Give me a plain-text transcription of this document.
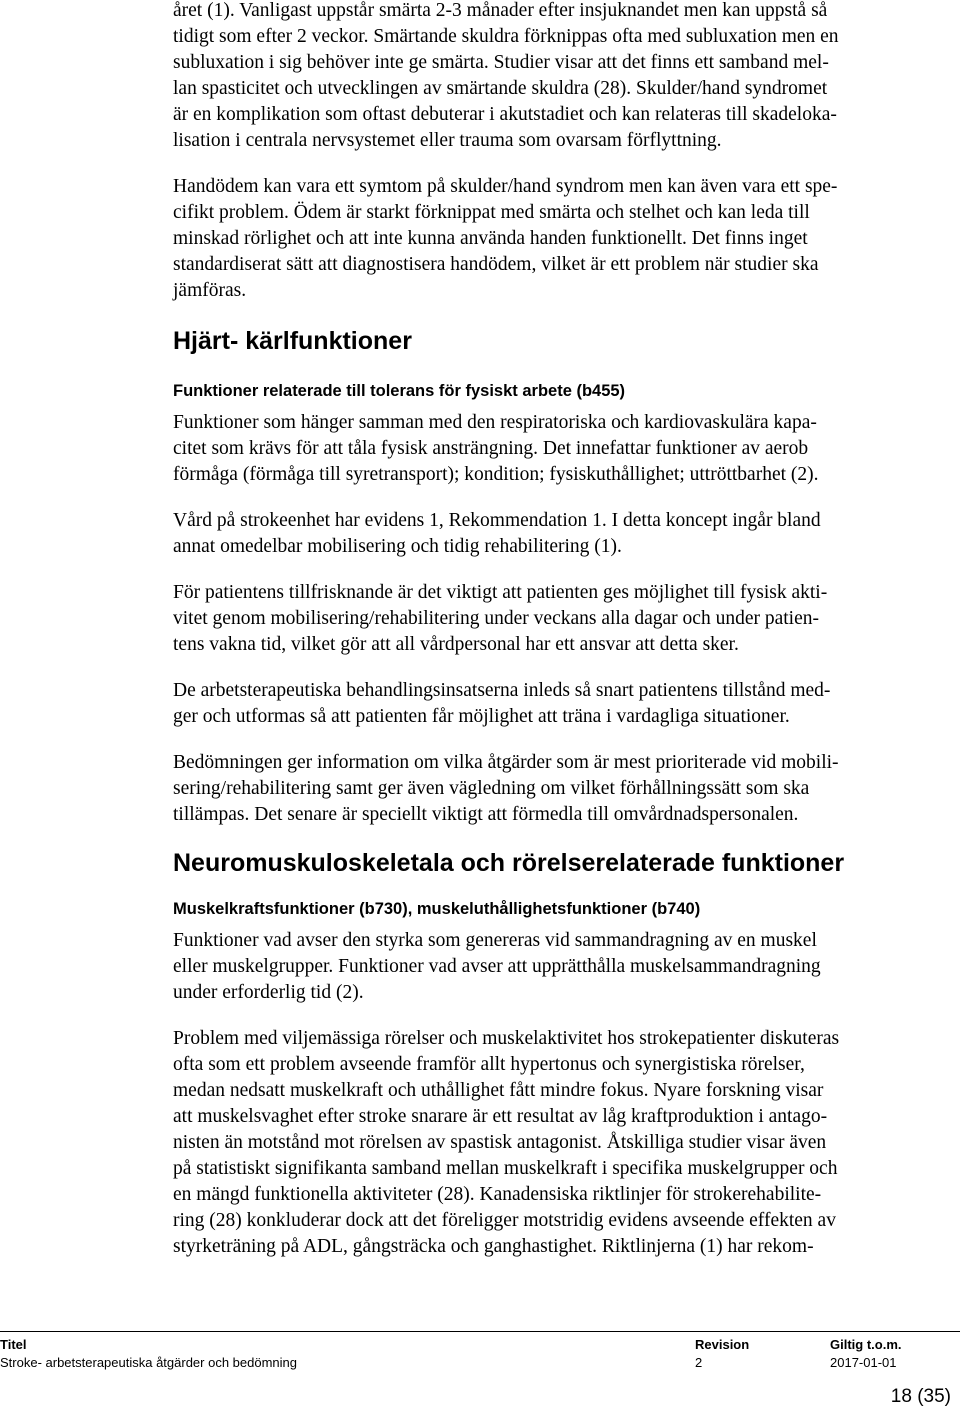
året (1). Vanligast uppstår smärta 2-3 månader efter insjuknandet men kan uppstå så
tidigt som efter 2 veckor. Smärtande skuldra förknippas ofta med subluxation men en
subluxation i sig behöver inte ge smärta. Studier visar att det finns ett samband mel-
lan spasticitet och utvecklingen av smärtande skuldra (28). Skulder/hand syndromet
är en komplikation som oftast debuterar i akutstadiet och kan relateras till skadeloka-
lisation i centrala nervsystemet eller trauma som ovarsam förflyttning.

Handödem kan vara ett symtom på skulder/hand syndrom men kan även vara ett spe-
cifikt problem. Ödem är starkt förknippat med smärta och stelhet och kan leda till
minskad rörlighet och att inte kunna använda handen funktionellt. Det finns inget
standardiserat sätt att diagnostisera handödem, vilket är ett problem när studier ska
jämföras.

Hjärt- kärlfunktioner
Funktioner relaterade till tolerans för fysiskt arbete (b455)

Funktioner som hänger samman med den respiratoriska och kardiovaskulära kapa-
citet som krävs för att tåla fysisk ansträngning. Det innefattar funktioner av aerob
förmåga (förmåga till syretransport); kondition; fysiskuthållighet; uttröttbarhet (2).

Vård på strokeenhet har evidens 1, Rekommendation 1. I detta koncept ingår bland
annat omedelbar mobilisering och tidig rehabilitering (1).

För patientens tillfrisknande är det viktigt att patienten ges möjlighet till fysisk akti-
vitet genom mobilisering/rehabilitering under veckans alla dagar och under patien-
tens vakna tid, vilket gör att all vårdpersonal har ett ansvar att detta sker.

De arbetsterapeutiska behandlingsinsatserna inleds så snart patientens tillstånd med-
ger och utformas så att patienten får möjlighet att träna i vardagliga situationer.

Bedömningen ger information om vilka åtgärder som är mest prioriterade vid mobili-
sering/rehabilitering samt ger även vägledning om vilket förhållningssätt som ska
tillämpas. Det senare är speciellt viktigt att förmedla till omvårdnadspersonalen.

Neuromuskuloskeletala och rörelserelaterade funktioner
Muskelkraftsfunktioner (b730), muskeluthållighetsfunktioner (b740)

Funktioner vad avser den styrka som genereras vid sammandragning av en muskel
eller muskelgrupper. Funktioner vad avser att upprätthålla muskelsammandragning
under erforderlig tid (2).

Problem med viljemässiga rörelser och muskelaktivitet hos strokepatienter diskuteras
ofta som ett problem avseende framför allt hypertonus och synergistiska rörelser,
medan nedsatt muskelkraft och uthållighet fått mindre fokus. Nyare forskning visar
att muskelsvaghet efter stroke snarare är ett resultat av låg kraftproduktion i antago-
nisten än motstånd mot rörelsen av spastisk antagonist. Åtskilliga studier visar även
på statistiskt signifikanta samband mellan muskelkraft i specifika muskelgrupper och
en mängd funktionella aktiviteter (28). Kanadensiska riktlinjer för strokerehabilite-
ring (28) konkluderar dock att det föreligger motstridig evidens avseende effekten av
styrketräning på ADL, gångsträcka och ganghastighet. Riktlinjerna (1) har rekom-

Titel
Stroke- arbetsterapeutiska åtgärder och bedömning
Revision
2
Giltig t.o.m.
2017-01-01
18 (35)
